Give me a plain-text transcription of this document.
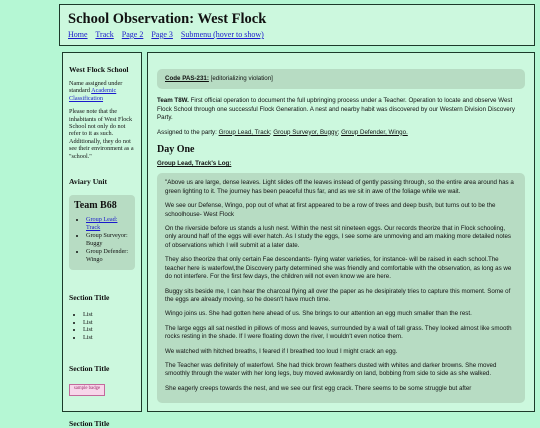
School Observation: West Flock
Home Track Page 2 Page 3 Submenu (hover to show)
West Flock School

Name assigned under standard Academic Classification

Please note that the inhabitants of West Flock School not only do not refer to it as such. Additionally, they do not see their environment as a "school."

Aviary Unit
Team B68
• Group Lead: Track
• Group Surveyor: Buggy
• Group Defender: Wingo
Section Title
• List
• List
• List
• List
Section Title
sample badge
Section Title
Code PAS-231: [editorializing violation]

Team T8W. First official operation to document the full upbringing process under a Teacher. Operation to locate and observe West Flock School through one successful Flock Generation. A nest and nearby habit was discovered by our Western Division Discovery Party.

Assigned to the party: Group Lead, Track; Group Surveyor, Buggy; Group Defender, Wingo.

Day One
Group Lead, Track's Log:

"Above us are large, dense leaves. Light slides off the leaves instead of gently passing through, so the entire area around has a green lighting to it. The journey has been peaceful thus far, and as we sit in awe of the foliage while we wait.

We see our Defense, Wingo, pop out of what at first appeared to be a row of trees and deep bush, but turns out to be the schoolhouse- West Flock

On the riverside before us stands a lush nest. Within the nest sit nineteen eggs. Our records theorize that in Flock schooling, only around half of the eggs will ever hatch. As I study the eggs, I see some are unmoving and am making more detailed notes of observations which I will submit at a later date.

They also theorize that only certain Fae descendants- flying water varieties, for instance- will be raised in each school.The teacher here is waterfowl,the Discovery party determined she was friendly and comfortable with the observation, as long as we do not interfere. For the first few days, the children will not even know we are here.

Buggy sits beside me, I can hear the charcoal flying all over the paper as he desipirately tries to capture this moment. Some of the eggs are already moving, so he doesn't have much time.

Wingo joins us. She had gotten here ahead of us. She brings to our attention an egg much smaller than the rest.

The large eggs all sat nestled in pillows of moss and leaves, surrounded by a wall of tall grass. They looked almost like smooth rocks resting in the shade. If I were floating down the river, I wouldn't even notice them.

We watched with hitched breaths, I feared if I breathed too loud I might crack an egg.

The Teacher was definitely of waterfowl. She had thick brown feathers dusted with whites and darker browns. She moved smoothly through the water with her long legs, buy moved awkwardly on land, bobbing from side to side as she walked.

She eagerly creeps towards the nest, and we see our first egg crack. There seems to be some struggle but after
